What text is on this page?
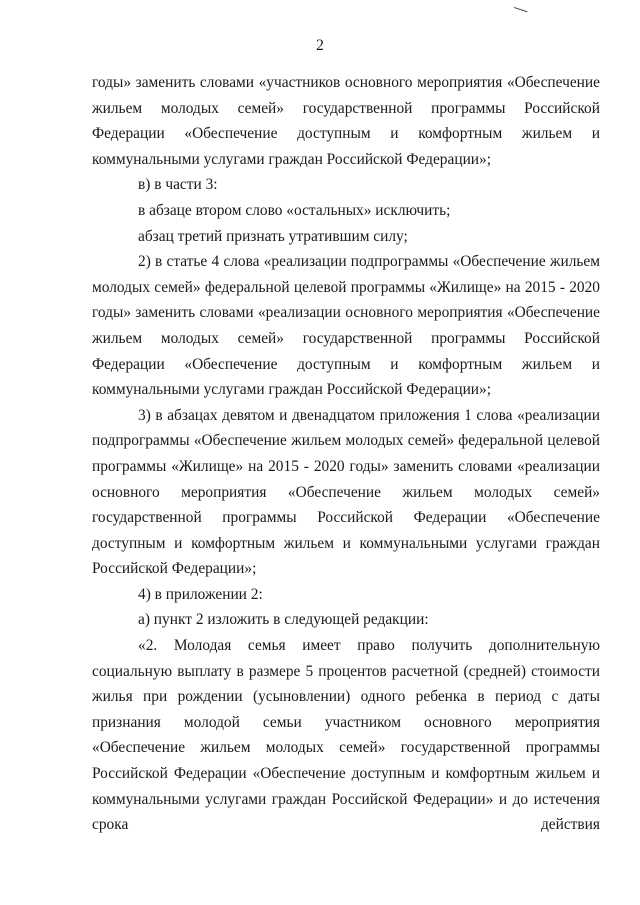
2

годы» заменить словами «участников основного мероприятия «Обеспечение жильем молодых семей» государственной программы Российской Федерации «Обеспечение доступным и комфортным жильем и коммунальными услугами граждан Российской Федерации»;

в) в части 3:

в абзаце втором слово «остальных» исключить;

абзац третий признать утратившим силу;

2) в статье 4 слова «реализации подпрограммы «Обеспечение жильем молодых семей» федеральной целевой программы «Жилище» на 2015 - 2020 годы» заменить словами «реализации основного мероприятия «Обеспечение жильем молодых семей» государственной программы Российской Федерации «Обеспечение доступным и комфортным жильем и коммунальными услугами граждан Российской Федерации»;

3) в абзацах девятом и двенадцатом приложения 1 слова «реализации подпрограммы «Обеспечение жильем молодых семей» федеральной целевой программы «Жилище» на 2015 - 2020 годы» заменить словами «реализации основного мероприятия «Обеспечение жильем молодых семей» государственной программы Российской Федерации «Обеспечение доступным и комфортным жильем и коммунальными услугами граждан Российской Федерации»;

4) в приложении 2:

а) пункт 2 изложить в следующей редакции:

«2. Молодая семья имеет право получить дополнительную социальную выплату в размере 5 процентов расчетной (средней) стоимости жилья при рождении (усыновлении) одного ребенка в период с даты признания молодой семьи участником основного мероприятия «Обеспечение жильем молодых семей» государственной программы Российской Федерации «Обеспечение доступным и комфортным жильем и коммунальными услугами граждан Российской Федерации» и до истечения срока действия
